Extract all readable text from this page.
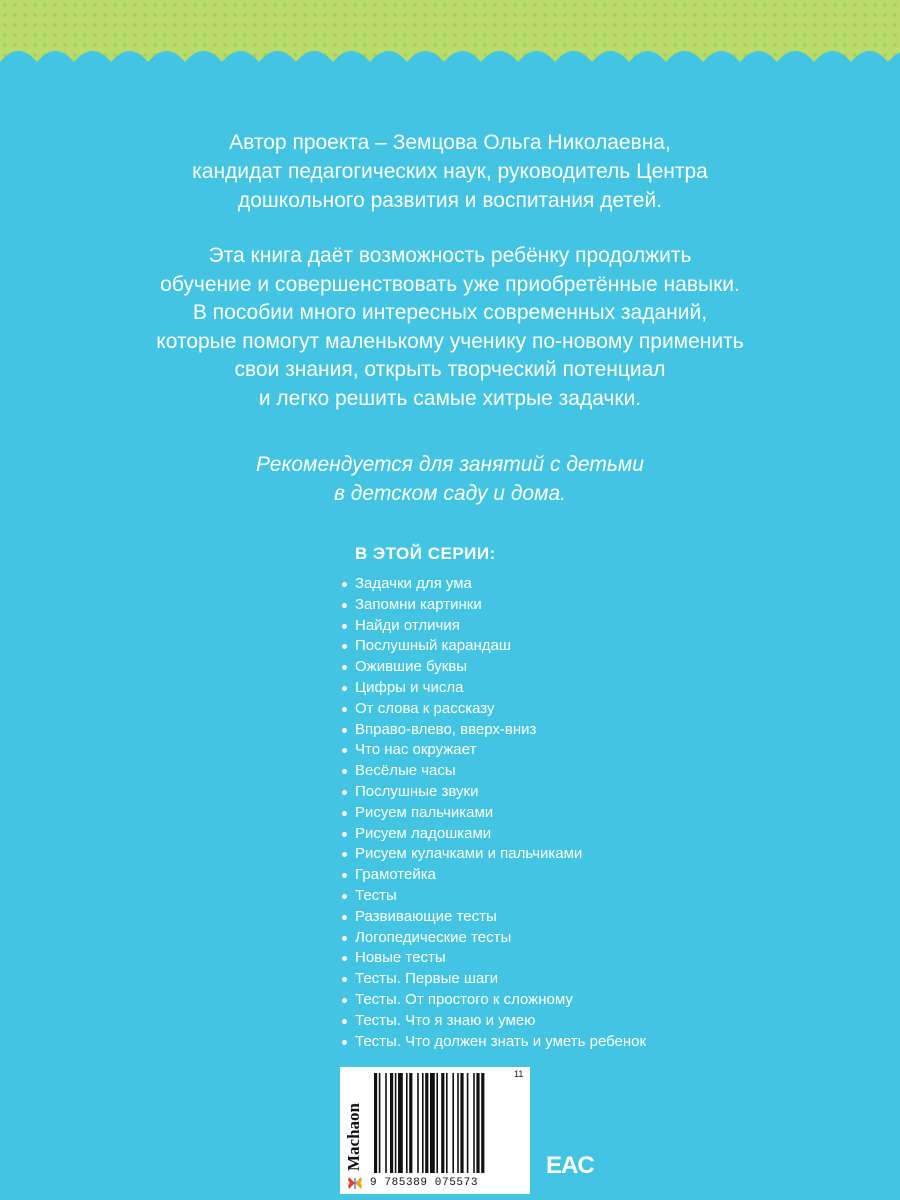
Автор проекта – Земцова Ольга Николаевна,
кандидат педагогических наук, руководитель Центра
дошкольного развития и воспитания детей.
Эта книга даёт возможность ребёнку продолжить
обучение и совершенствовать уже приобретённые навыки.
В пособии много интересных современных заданий,
которые помогут маленькому ученику по-новому применить
свои знания, открыть творческий потенциал
и легко решить самые хитрые задачки.
Рекомендуется для занятий с детьми
в детском саду и дома.
В ЭТОЙ СЕРИИ:
Задачки для ума
Запомни картинки
Найди отличия
Послушный карандаш
Ожившие буквы
Цифры и числа
От слова к рассказу
Вправо-влево, вверх-вниз
Что нас окружает
Весёлые часы
Послушные звуки
Рисуем пальчиками
Рисуем ладошками
Рисуем кулачками и пальчиками
Грамотейка
Тесты
Развивающие тесты
Логопедические тесты
Новые тесты
Тесты. Первые шаги
Тесты. От простого к сложному
Тесты. Что я знаю и умею
Тесты. Что должен знать и уметь ребенок
Machaon
11
9 785389 075573
EAC
